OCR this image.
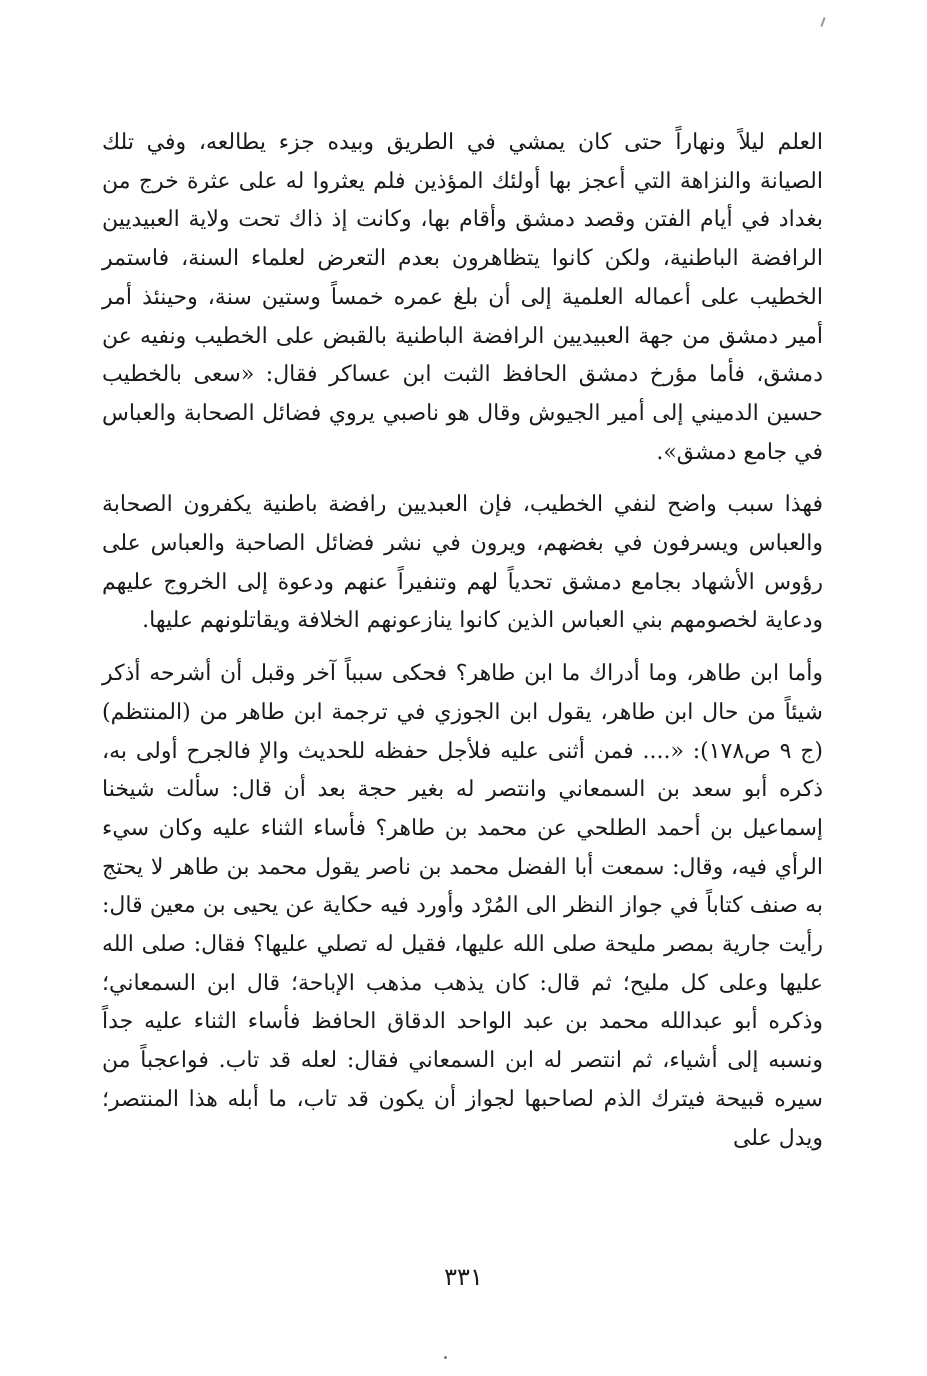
العلم ليلاً ونهاراً حتى كان يمشي في الطريق وبيده جزء يطالعه، وفي تلك الصيانة والنزاهة التي أعجز بها أولئك المؤذين فلم يعثروا له على عثرة خرج من بغداد في أيام الفتن وقصد دمشق وأقام بها، وكانت إذ ذاك تحت ولاية العبيديين الرافضة الباطنية، ولكن كانوا يتظاهرون بعدم التعرض لعلماء السنة، فاستمر الخطيب على أعماله العلمية إلى أن بلغ عمره خمساً وستين سنة، وحينئذ أمر أمير دمشق من جهة العبيديين الرافضة الباطنية بالقبض على الخطيب ونفيه عن دمشق، فأما مؤرخ دمشق الحافظ الثبت ابن عساكر فقال: «سعى بالخطيب حسين الدميني إلى أمير الجيوش وقال هو ناصبي يروي فضائل الصحابة والعباس في جامع دمشق».

فهذا سبب واضح لنفي الخطيب، فإن العبديين رافضة باطنية يكفرون الصحابة والعباس ويسرفون في بغضهم، ويرون في نشر فضائل الصاحبة والعباس على رؤوس الأشهاد بجامع دمشق تحدياً لهم وتنفيراً عنهم ودعوة إلى الخروج عليهم ودعاية لخصومهم بني العباس الذين كانوا ينازعونهم الخلافة ويقاتلونهم عليها.

وأما ابن طاهر، وما أدراك ما ابن طاهر؟ فحكى سبباً آخر وقبل أن أشرحه أذكر شيئاً من حال ابن طاهر، يقول ابن الجوزي في ترجمة ابن طاهر من (المنتظم) (ج ٩ ص١٧٨): «.... فمن أثنى عليه فلأجل حفظه للحديث والإ فالجرح أولى به، ذكره أبو سعد بن السمعاني وانتصر له بغير حجة بعد أن قال: سألت شيخنا إسماعيل بن أحمد الطلحي عن محمد بن طاهر؟ فأساء الثناء عليه وكان سيء الرأي فيه، وقال: سمعت أبا الفضل محمد بن ناصر يقول محمد بن طاهر لا يحتج به صنف كتاباً في جواز النظر الى المُرْد وأورد فيه حكاية عن يحيى بن معين قال: رأيت جارية بمصر مليحة صلى الله عليها، فقيل له تصلي عليها؟ فقال: صلى الله عليها وعلى كل مليح؛ ثم قال: كان يذهب مذهب الإباحة؛ قال ابن السمعاني؛ وذكره أبو عبدالله محمد بن عبد الواحد الدقاق الحافظ فأساء الثناء عليه جداً ونسبه إلى أشياء، ثم انتصر له ابن السمعاني فقال: لعله قد تاب. فواعجباً من سيره قبيحة فيترك الذم لصاحبها لجواز أن يكون قد تاب، ما أبله هذا المنتصر؛ ويدل على

٣٣١
